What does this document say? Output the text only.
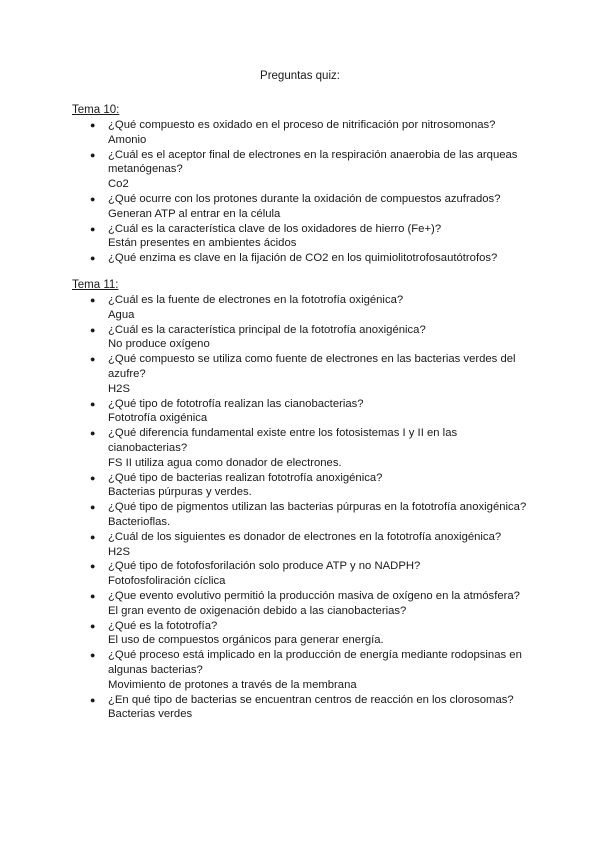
Preguntas quiz:
Tema 10:
● ¿Qué compuesto es oxidado en el proceso de nitrificación por nitrosomonas?
Amonio
● ¿Cuál es el aceptor final de electrones en la respiración anaerobia de las arqueas metanógenas?
Co2
● ¿Qué ocurre con los protones durante la oxidación de compuestos azufrados?
Generan ATP al entrar en la célula
● ¿Cuál es la característica clave de los oxidadores de hierro (Fe+)?
Están presentes en ambientes ácidos
● ¿Qué enzima es clave en la fijación de CO2 en los quimiolitotrofosautótrofos?
Tema 11:
● ¿Cuál es la fuente de electrones en la fototrofía oxigénica?
Agua
● ¿Cuál es la característica principal de la fototrofía anoxigénica?
No produce oxígeno
● ¿Qué compuesto se utiliza como fuente de electrones en las bacterias verdes del azufre?
H2S
● ¿Qué tipo de fototrofía realizan las cianobacterias?
Fototrofía oxigénica
● ¿Qué diferencia fundamental existe entre los fotosistemas I y II en las cianobacterias?
FS II utiliza agua como donador de electrones.
● ¿Qué tipo de bacterias realizan fototrofía anoxigénica?
Bacterias púrpuras y verdes.
● ¿Qué tipo de pigmentos utilizan las bacterias púrpuras en la fototrofía anoxigénica?
Bacterioflas.
● ¿Cuál de los siguientes es donador de electrones en la fototrofía anoxigénica?
H2S
● ¿Qué tipo de fotofosforilación solo produce ATP y no NADPH?
Fotofosfoliración cíclica
● ¿Que evento evolutivo permitió la producción masiva de oxígeno en la atmósfera?
El gran evento de oxigenación debido a las cianobacterias?
● ¿Qué es la fototrofía?
El uso de compuestos orgánicos para generar energía.
● ¿Qué proceso está implicado en la producción de energía mediante rodopsinas en algunas bacterias?
Movimiento de protones a través de la membrana
● ¿En qué tipo de bacterias se encuentran centros de reacción en los clorosomas?
Bacterias verdes
